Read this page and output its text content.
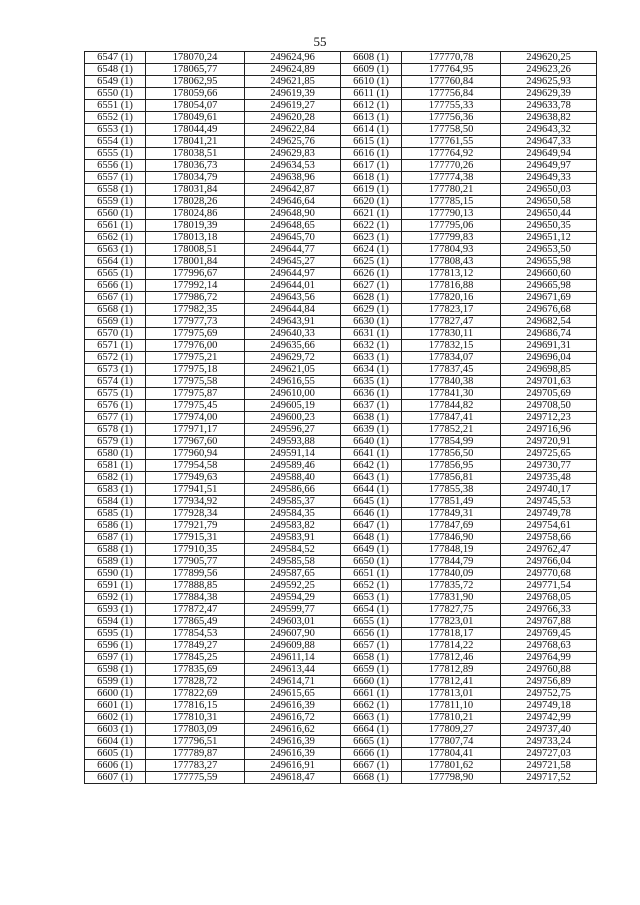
55
6547 (1)	178070,24	249624,96	6608 (1)	177770,78	249620,25
6548 (1)	178065,77	249624,89	6609 (1)	177764,95	249623,26
6549 (1)	178062,95	249621,85	6610 (1)	177760,84	249625,93
6550 (1)	178059,66	249619,39	6611 (1)	177756,84	249629,39
6551 (1)	178054,07	249619,27	6612 (1)	177755,33	249633,78
6552 (1)	178049,61	249620,28	6613 (1)	177756,36	249638,82
6553 (1)	178044,49	249622,84	6614 (1)	177758,50	249643,32
6554 (1)	178041,21	249625,76	6615 (1)	177761,55	249647,33
6555 (1)	178038,51	249629,83	6616 (1)	177764,92	249649,94
6556 (1)	178036,73	249634,53	6617 (1)	177770,26	249649,97
6557 (1)	178034,79	249638,96	6618 (1)	177774,38	249649,33
6558 (1)	178031,84	249642,87	6619 (1)	177780,21	249650,03
6559 (1)	178028,26	249646,64	6620 (1)	177785,15	249650,58
6560 (1)	178024,86	249648,90	6621 (1)	177790,13	249650,44
6561 (1)	178019,39	249648,65	6622 (1)	177795,06	249650,35
6562 (1)	178013,18	249645,70	6623 (1)	177799,83	249651,12
6563 (1)	178008,51	249644,77	6624 (1)	177804,93	249653,50
6564 (1)	178001,84	249645,27	6625 (1)	177808,43	249655,98
6565 (1)	177996,67	249644,97	6626 (1)	177813,12	249660,60
6566 (1)	177992,14	249644,01	6627 (1)	177816,88	249665,98
6567 (1)	177986,72	249643,56	6628 (1)	177820,16	249671,69
6568 (1)	177982,35	249644,84	6629 (1)	177823,17	249676,68
6569 (1)	177977,73	249643,91	6630 (1)	177827,47	249682,54
6570 (1)	177975,69	249640,33	6631 (1)	177830,11	249686,74
6571 (1)	177976,00	249635,66	6632 (1)	177832,15	249691,31
6572 (1)	177975,21	249629,72	6633 (1)	177834,07	249696,04
6573 (1)	177975,18	249621,05	6634 (1)	177837,45	249698,85
6574 (1)	177975,58	249616,55	6635 (1)	177840,38	249701,63
6575 (1)	177975,87	249610,00	6636 (1)	177841,30	249705,69
6576 (1)	177975,45	249605,19	6637 (1)	177844,82	249708,50
6577 (1)	177974,00	249600,23	6638 (1)	177847,41	249712,23
6578 (1)	177971,17	249596,27	6639 (1)	177852,21	249716,96
6579 (1)	177967,60	249593,88	6640 (1)	177854,99	249720,91
6580 (1)	177960,94	249591,14	6641 (1)	177856,50	249725,65
6581 (1)	177954,58	249589,46	6642 (1)	177856,95	249730,77
6582 (1)	177949,63	249588,40	6643 (1)	177856,81	249735,48
6583 (1)	177941,51	249586,66	6644 (1)	177855,38	249740,17
6584 (1)	177934,92	249585,37	6645 (1)	177851,49	249745,53
6585 (1)	177928,34	249584,35	6646 (1)	177849,31	249749,78
6586 (1)	177921,79	249583,82	6647 (1)	177847,69	249754,61
6587 (1)	177915,31	249583,91	6648 (1)	177846,90	249758,66
6588 (1)	177910,35	249584,52	6649 (1)	177848,19	249762,47
6589 (1)	177905,77	249585,58	6650 (1)	177844,79	249766,04
6590 (1)	177899,56	249587,65	6651 (1)	177840,09	249770,68
6591 (1)	177888,85	249592,25	6652 (1)	177835,72	249771,54
6592 (1)	177884,38	249594,29	6653 (1)	177831,90	249768,05
6593 (1)	177872,47	249599,77	6654 (1)	177827,75	249766,33
6594 (1)	177865,49	249603,01	6655 (1)	177823,01	249767,88
6595 (1)	177854,53	249607,90	6656 (1)	177818,17	249769,45
6596 (1)	177849,27	249609,88	6657 (1)	177814,22	249768,63
6597 (1)	177845,25	249611,14	6658 (1)	177812,46	249764,99
6598 (1)	177835,69	249613,44	6659 (1)	177812,89	249760,88
6599 (1)	177828,72	249614,71	6660 (1)	177812,41	249756,89
6600 (1)	177822,69	249615,65	6661 (1)	177813,01	249752,75
6601 (1)	177816,15	249616,39	6662 (1)	177811,10	249749,18
6602 (1)	177810,31	249616,72	6663 (1)	177810,21	249742,99
6603 (1)	177803,09	249616,62	6664 (1)	177809,27	249737,40
6604 (1)	177796,51	249616,39	6665 (1)	177807,74	249733,24
6605 (1)	177789,87	249616,39	6666 (1)	177804,41	249727,03
6606 (1)	177783,27	249616,91	6667 (1)	177801,62	249721,58
6607 (1)	177775,59	249618,47	6668 (1)	177798,90	249717,52
